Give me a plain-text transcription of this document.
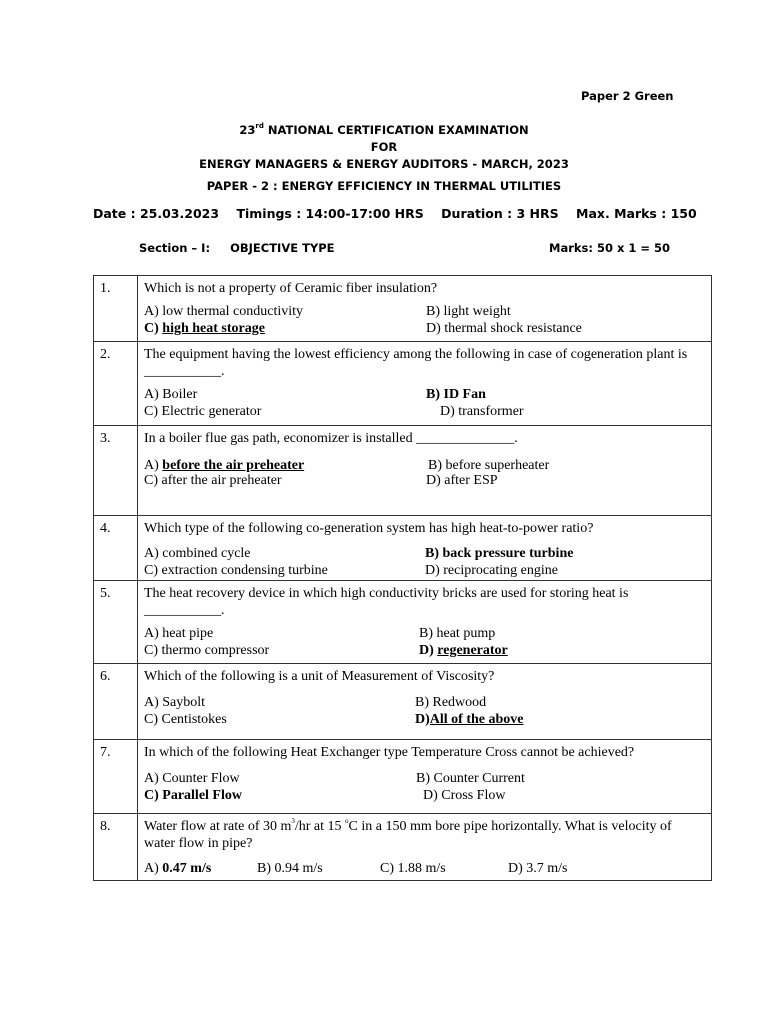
Paper 2 Green
23rd NATIONAL CERTIFICATION EXAMINATION
FOR
ENERGY MANAGERS & ENERGY AUDITORS - MARCH, 2023
PAPER - 2 : ENERGY EFFICIENCY IN THERMAL UTILITIES
Date : 25.03.2023    Timings : 14:00-17:00 HRS    Duration : 3 HRS    Max. Marks : 150
Section – I:     OBJECTIVE TYPE	Marks: 50 x 1 = 50
1.	Which is not a property of Ceramic fiber insulation?
A) low thermal conductivity B) light weight
C) high heat storage D) thermal shock resistance

2.	The equipment having the lowest efficiency among the following in case of cogeneration plant is ___________.
A) Boiler B) ID Fan
C) Electric generator D) transformer

3.	In a boiler flue gas path, economizer is installed ______________.
A) before the air preheater B) before superheater
C) after the air preheater D) after ESP

4.	Which type of the following co-generation system has high heat-to-power ratio?
A) combined cycle B) back pressure turbine
C) extraction condensing turbine D) reciprocating engine

5.	The heat recovery device in which high conductivity bricks are used for storing heat is ___________.
A) heat pipe B) heat pump
C) thermo compressor D) regenerator

6.	Which of the following is a unit of Measurement of Viscosity?
A) Saybolt B) Redwood
C) Centistokes D)All of the above

7.	In which of the following Heat Exchanger type Temperature Cross cannot be achieved?
A) Counter Flow B) Counter Current
C) Parallel Flow D) Cross Flow

8.	Water flow at rate of 30 $m^3/hr$ at 15 $^o$C in a 150 mm bore pipe horizontally. What is velocity of water flow in pipe?
A) 0.47 m/s B) 0.94 m/s C) 1.88 m/s D) 3.7 m/s
